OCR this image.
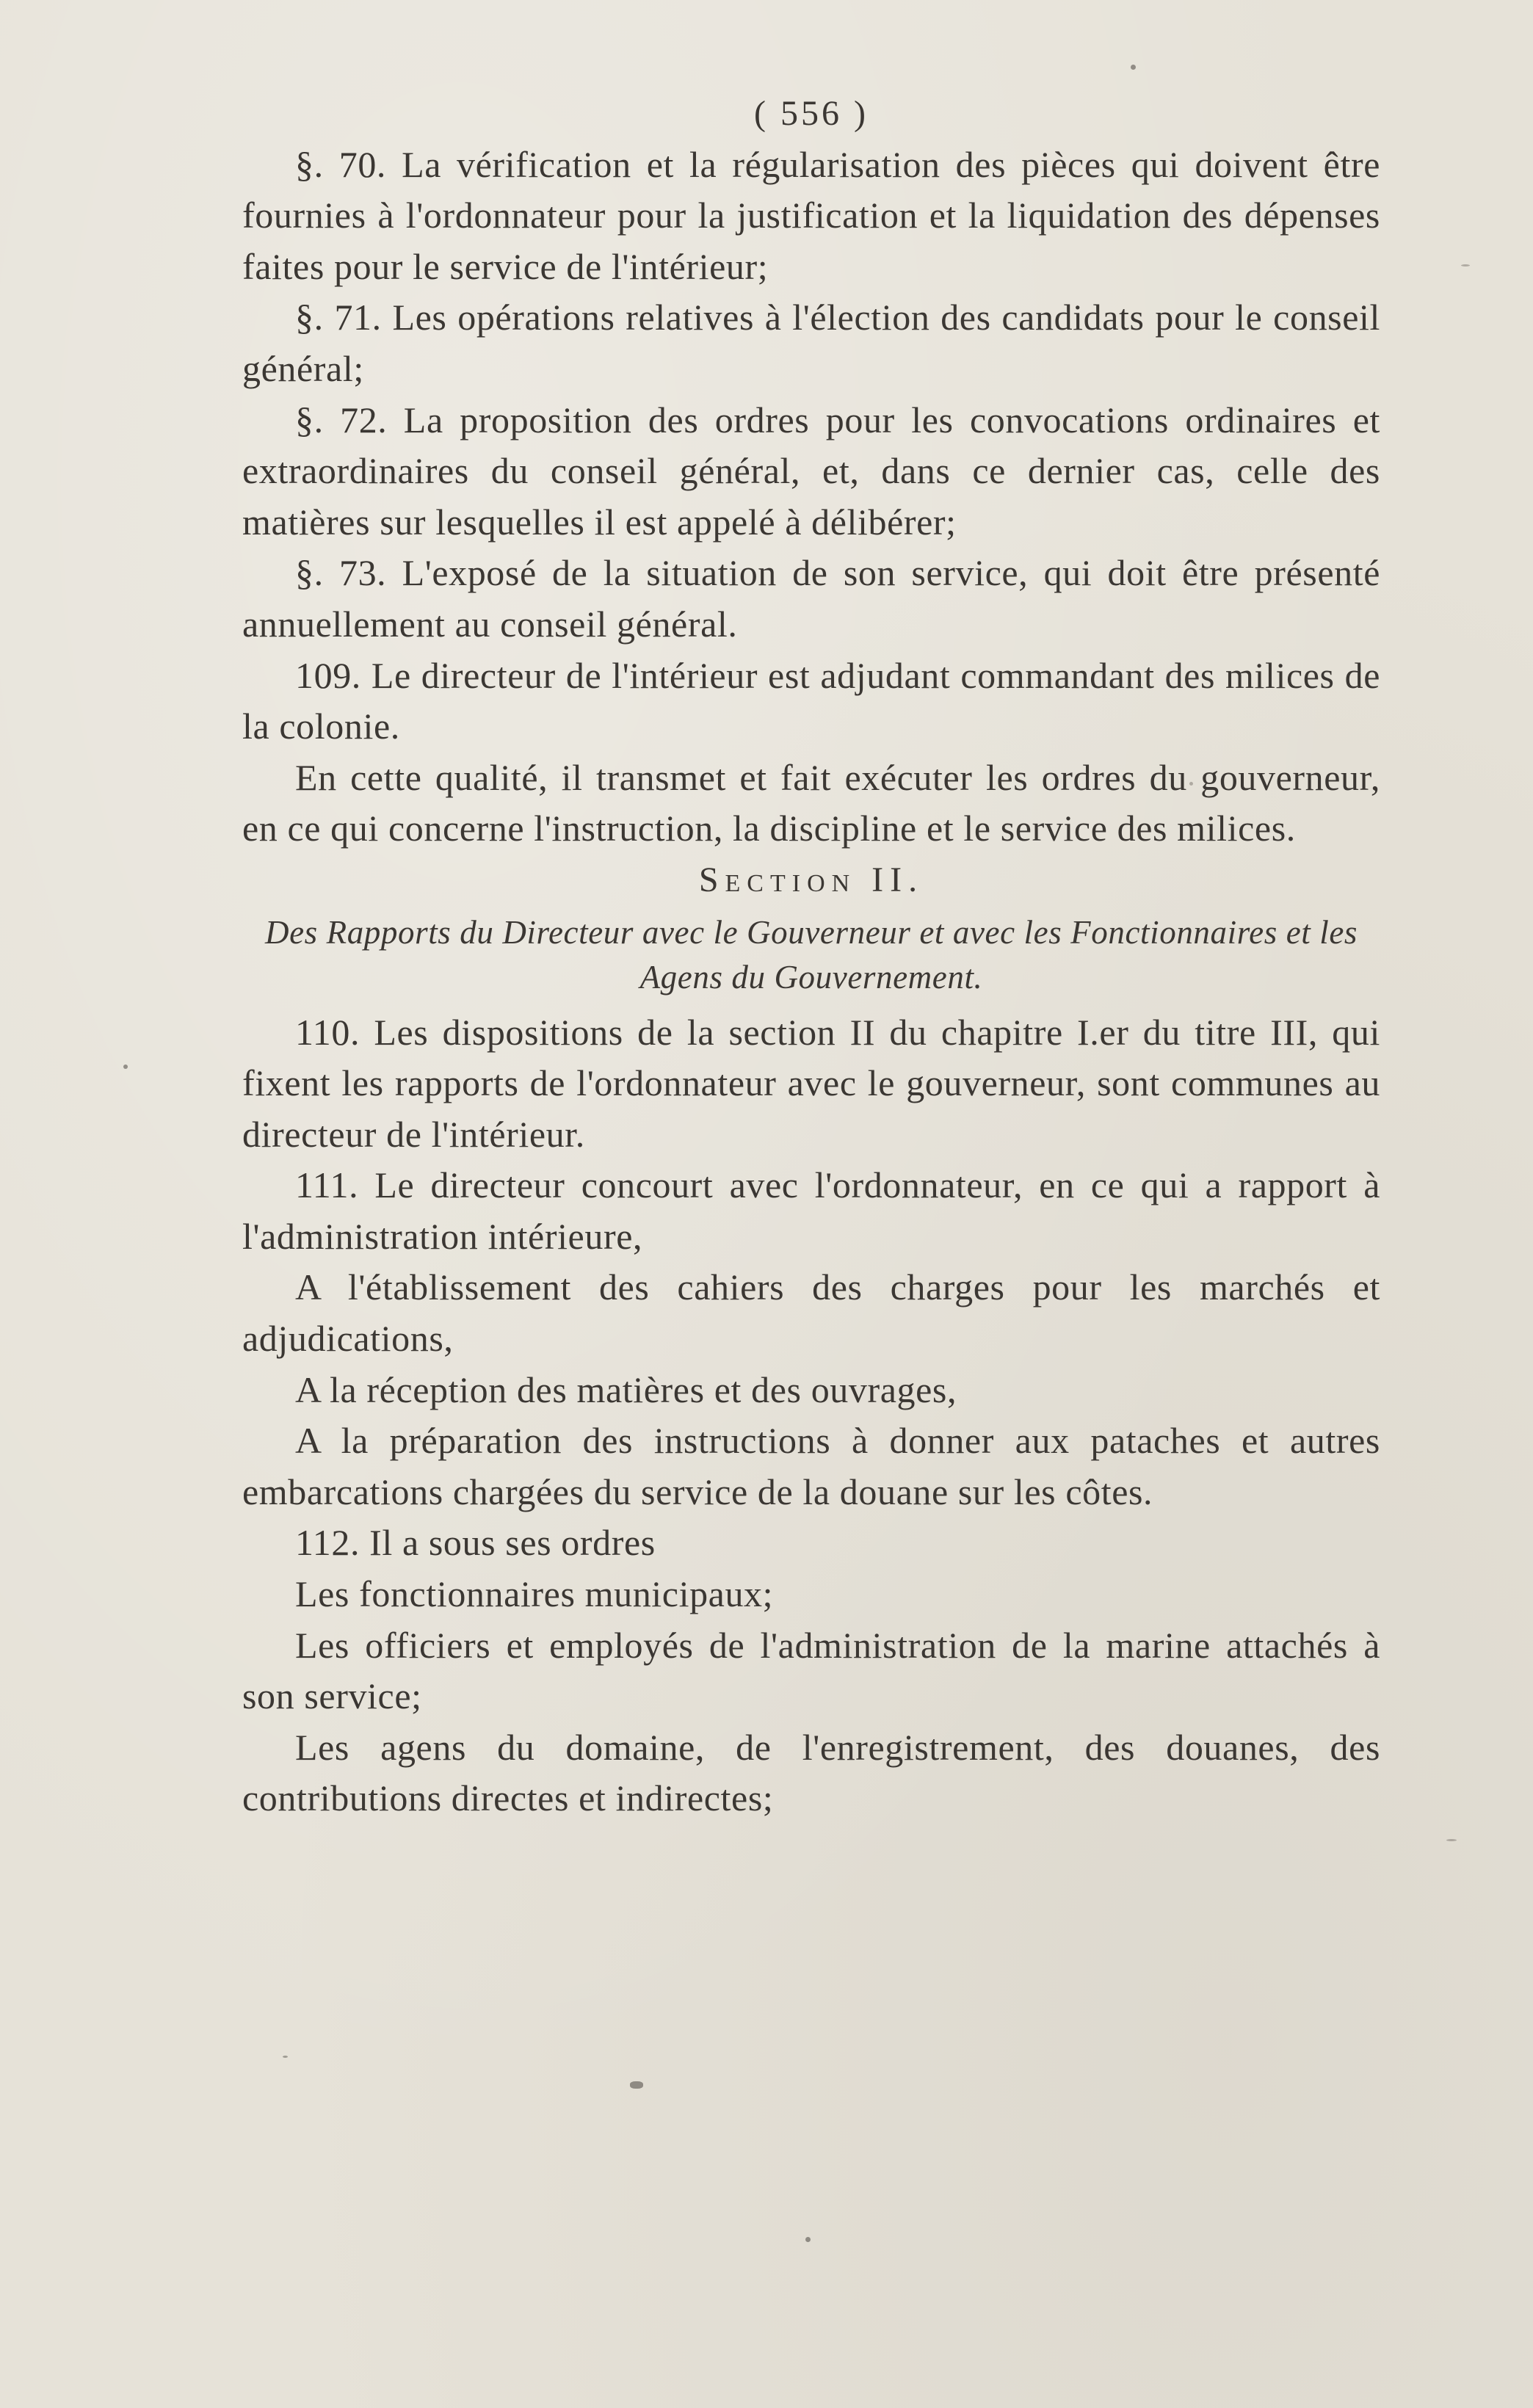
( 556 )

§. 70. La vérification et la régularisation des pièces qui doivent être fournies à l'ordonnateur pour la justification et la liquidation des dépenses faites pour le service de l'intérieur;

§. 71. Les opérations relatives à l'élection des candidats pour le conseil général;

§. 72. La proposition des ordres pour les convocations ordinaires et extraordinaires du conseil général, et, dans ce dernier cas, celle des matières sur lesquelles il est appelé à délibérer;

§. 73. L'exposé de la situation de son service, qui doit être présenté annuellement au conseil général.

109. Le directeur de l'intérieur est adjudant commandant des milices de la colonie.

En cette qualité, il transmet et fait exécuter les ordres du gouverneur, en ce qui concerne l'instruction, la discipline et le service des milices.

Section II.
Des Rapports du Directeur avec le Gouverneur et avec les Fonctionnaires et les Agens du Gouvernement.

110. Les dispositions de la section II du chapitre I.er du titre III, qui fixent les rapports de l'ordonnateur avec le gouverneur, sont communes au directeur de l'intérieur.

111. Le directeur concourt avec l'ordonnateur, en ce qui a rapport à l'administration intérieure,

A l'établissement des cahiers des charges pour les marchés et adjudications,

A la réception des matières et des ouvrages,

A la préparation des instructions à donner aux pataches et autres embarcations chargées du service de la douane sur les côtes.

112. Il a sous ses ordres

Les fonctionnaires municipaux;

Les officiers et employés de l'administration de la marine attachés à son service;

Les agens du domaine, de l'enregistrement, des douanes, des contributions directes et indirectes;
